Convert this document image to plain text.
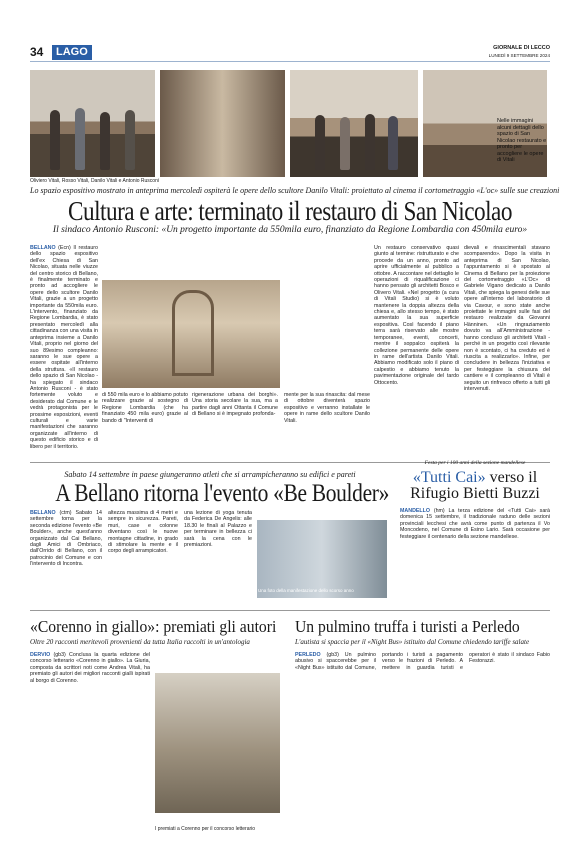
34	LAGO	GIORNALE DI LECCO
LUNEDÌ 9 SETTEMBRE 2024
Nelle immagini alcuni dettagli dello spazio di San Nicolao restaurato e pronto per accogliere le opere di Vitali
Oliviero Vitali, Rosso Vitali, Danilo Vitali e Antonio Rusconi
Lo spazio espositivo mostrato in anteprima mercoledì ospiterà le opere dello scultore Danilo Vitali: proiettato al cinema il cortometraggio «L'oc» sulle sue creazioni
Cultura e arte: terminato il restauro di San Nicolao
Il sindaco Antonio Rusconi: «Un progetto importante da 550mila euro, finanziato da Regione Lombardia con 450mila euro»
BELLANO (Ecn) Il restauro dello spazio espositivo dell'ex Chiesa di San Nicolao, situata nelle viuzze del centro storico di Bellano, è finalmente terminato e pronto ad accogliere le opere dello scultore Danilo Vitali, grazie a un progetto importante da 550mila euro. L'intervento, finanziato da Regione Lombardia, è stato presentato mercoledì alla cittadinanza con una visita in anteprima insieme a Danilo Vitali, proprio nel giorno del suo 89esimo compleanno: saranno le sue opere a essere ospitate all'interno della struttura. «Il restauro dello spazio di San Nicolao - ha spiegato il sindaco Antonio Rusconi - è stato fortemente voluto e desiderato dal Comune e le vedrà protagonista per le prossime esposizioni, eventi culturali e varie manifestazioni che saranno organizzate all'interno di questo edificio storico e di libero per il territorio.
di 550 mila euro e lo abbiamo potuto realizzare grazie al sostegno di Regione Lombardia (che ha finanziato 450 mila euro) grazie al bando di "Interventi di
rigenerazione urbana dei borghi». Una storia secolare la sua, ma a partire dagli anni Ottanta il Comune di Bellano si è impegnato profonda-
mente per la sua rinascita: dal mese di ottobre diventerà spazio espositivo e verranno installate le opere in rame dello scultore Danilo Vitali.
Un restauro conservativo quasi giunto al termine: ristrutturato e che procede da un anno, pronto ad aprire ufficialmente al pubblico a ottobre. A raccontare nel dettaglio le operazioni di riqualificazione ci hanno pensato gli architetti Bosco e Olivero Vitali. «Nel progetto (a cura di Vitali Studio) si è voluto mantenere la doppia altezza della chiesa e, allo stesso tempo, è stato aumentato la sua superficie espositiva. Così facendo il piano terra sarà riservato alle mostre temporanee, eventi, concerti, mentre il soppalco ospiterà la collezione permanente delle opere in rame dell'artista Danilo Vitali. Abbiamo modificato solo il piano di calpestio e abbiamo tenuto la pavimentazione originale del tardo Ottocento.
dievali e rinascimentali stavano scomparendo». Dopo la visita in anteprima di San Nicolao, l'appuntamento si è spostato al Cinema di Bellano per la proiezione del cortometraggio «L'Oc» di Gabriele Vigano dedicato a Danilo Vitali, che spiega la genesi delle sue opere all'interno del laboratorio di via Cavour, e sono state anche proiettate le immagini sulle fasi del restauro realizzate da Giovanni Hänninen. «Un ringraziamento dovuto va all'Amministrazione - hanno concluso gli architetti Vitali - perché in un progetto così rilevante non è scontato, ci ha creduto ed è riuscita a realizzarlo». Infine, per concludere in bellezza l'iniziativa e per festeggiare la chiusura del cantiere e il compleanno di Vitali è seguito un rinfresco offerto a tutti gli intervenuti.
Sabato 14 settembre in paese giungeranno atleti che si arrampicheranno su edifici e pareti
A Bellano ritorna l'evento «Be Boulder»
BELLANO (ctm) Sabato 14 settembre torna per la seconda edizione l'evento «Be Boulder», anche quest'anno organizzato dal Cai Bellano, dagli Amici di Ombriaco, dall'Orrido di Bellano, con il patrocinio del Comune e con l'intervento di Incontra.
altezza massima di 4 metri e sempre in sicurezza. Pareti, muri, case e colonne diventano così le nuove montagne cittadine, in grado di stimolare la mente e il corpo degli arrampicatori.
una lezione di yoga tenuta da Federica De Angelis: alle 18.30 le finali al Palazzo e per terminare in bellezza ci sarà la cena con le premiazioni.
Una foto della manifestazione dello scorso anno
Festa per i 100 anni della sezione mandellese
«Tutti Cai» verso il Rifugio Bietti Buzzi
MANDELLO (hm) La terza edizione del «Tutti Cai» sarà domenica 15 settembre, il tradizionale raduno delle sezioni provinciali lecchesi che avrà come punto di partenza il Vo Moncodeno, nel Comune di Esino Lario. Sarà occasione per festeggiare il centenario della sezione mandellese.
«Corenno in giallo»: premiati gli autori
Oltre 20 racconti meritevoli provenienti da tutta Italia raccolti in un'antologia
DERVIO (gb3) Conclusa la quarta edizione del concorso letterario «Corenno in giallo». La Giuria, composta da scrittori noti come Andrea Vitali, ha premiato gli autori dei migliori racconti gialli ispirati al borgo di Corenno.
I premiati a Corenno per il concorso letterario
Un pulmino truffa i turisti a Perledo
L'autista si spaccia per il «Night Bus» istituito dal Comune chiedendo tariffe salate
PERLEDO (gb3) Un pulmino abusivo si spaccerebbe per il «Night Bus» istituito dal Comune, portando i turisti a pagamento verso le frazioni di Perledo. A mettere in guardia turisti e operatori è stato il sindaco Fabio Festorazzi.
